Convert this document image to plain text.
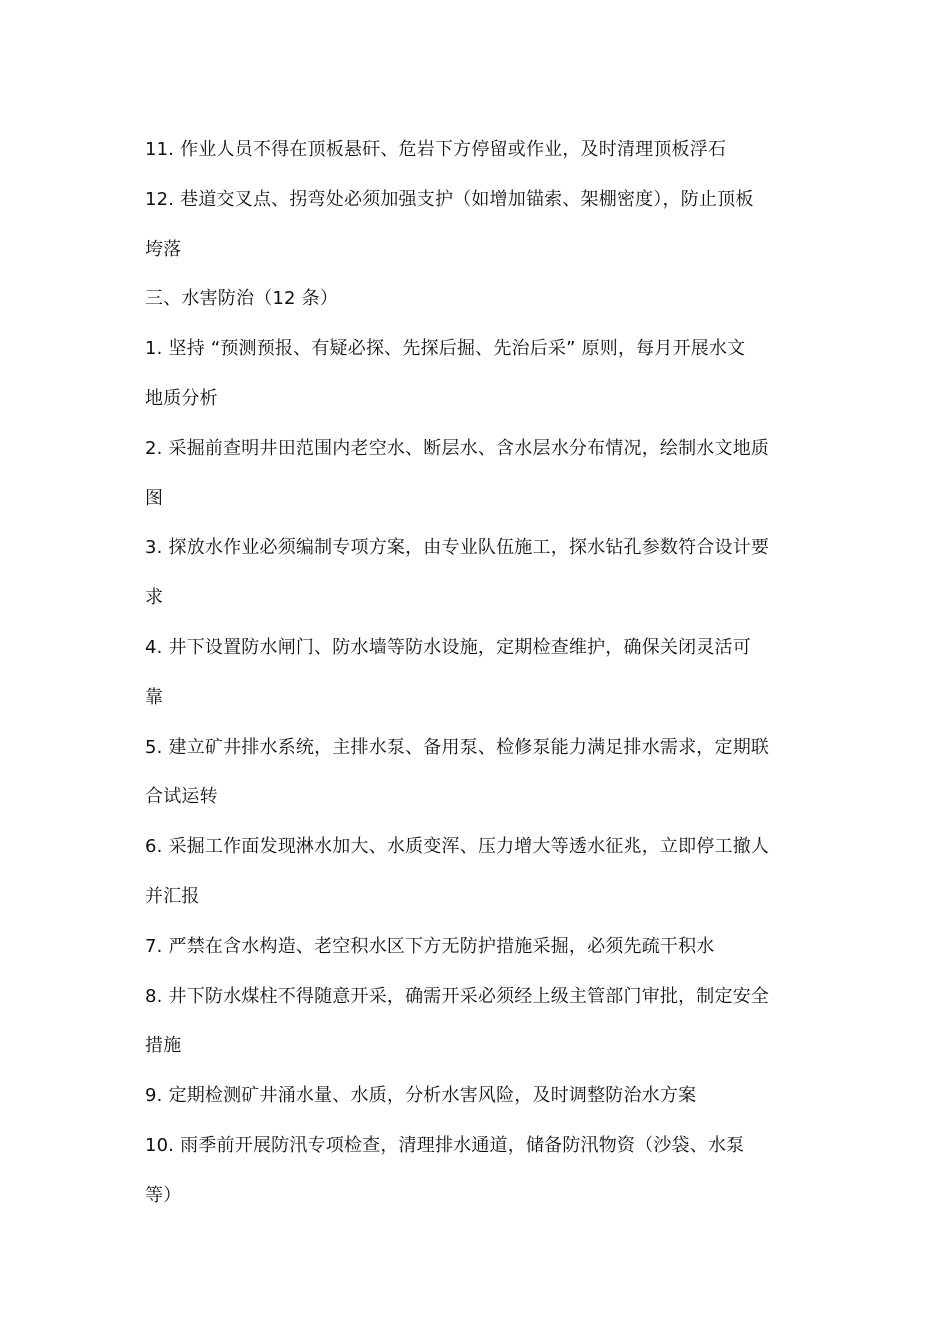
11. 作业人员不得在顶板悬矸、危岩下方停留或作业，及时清理顶板浮石
12. 巷道交叉点、拐弯处必须加强支护（如增加锚索、架棚密度），防止顶板
垮落
三、水害防治（12 条）
1. 坚持 “预测预报、有疑必探、先探后掘、先治后采” 原则，每月开展水文
地质分析
2. 采掘前查明井田范围内老空水、断层水、含水层水分布情况，绘制水文地质
图
3. 探放水作业必须编制专项方案，由专业队伍施工，探水钻孔参数符合设计要
求
4. 井下设置防水闸门、防水墙等防水设施，定期检查维护，确保关闭灵活可
靠
5. 建立矿井排水系统，主排水泵、备用泵、检修泵能力满足排水需求，定期联
合试运转
6. 采掘工作面发现淋水加大、水质变浑、压力增大等透水征兆，立即停工撤人
并汇报
7. 严禁在含水构造、老空积水区下方无防护措施采掘，必须先疏干积水
8. 井下防水煤柱不得随意开采，确需开采必须经上级主管部门审批，制定安全
措施
9. 定期检测矿井涌水量、水质，分析水害风险，及时调整防治水方案
10. 雨季前开展防汛专项检查，清理排水通道，储备防汛物资（沙袋、水泵
等）
